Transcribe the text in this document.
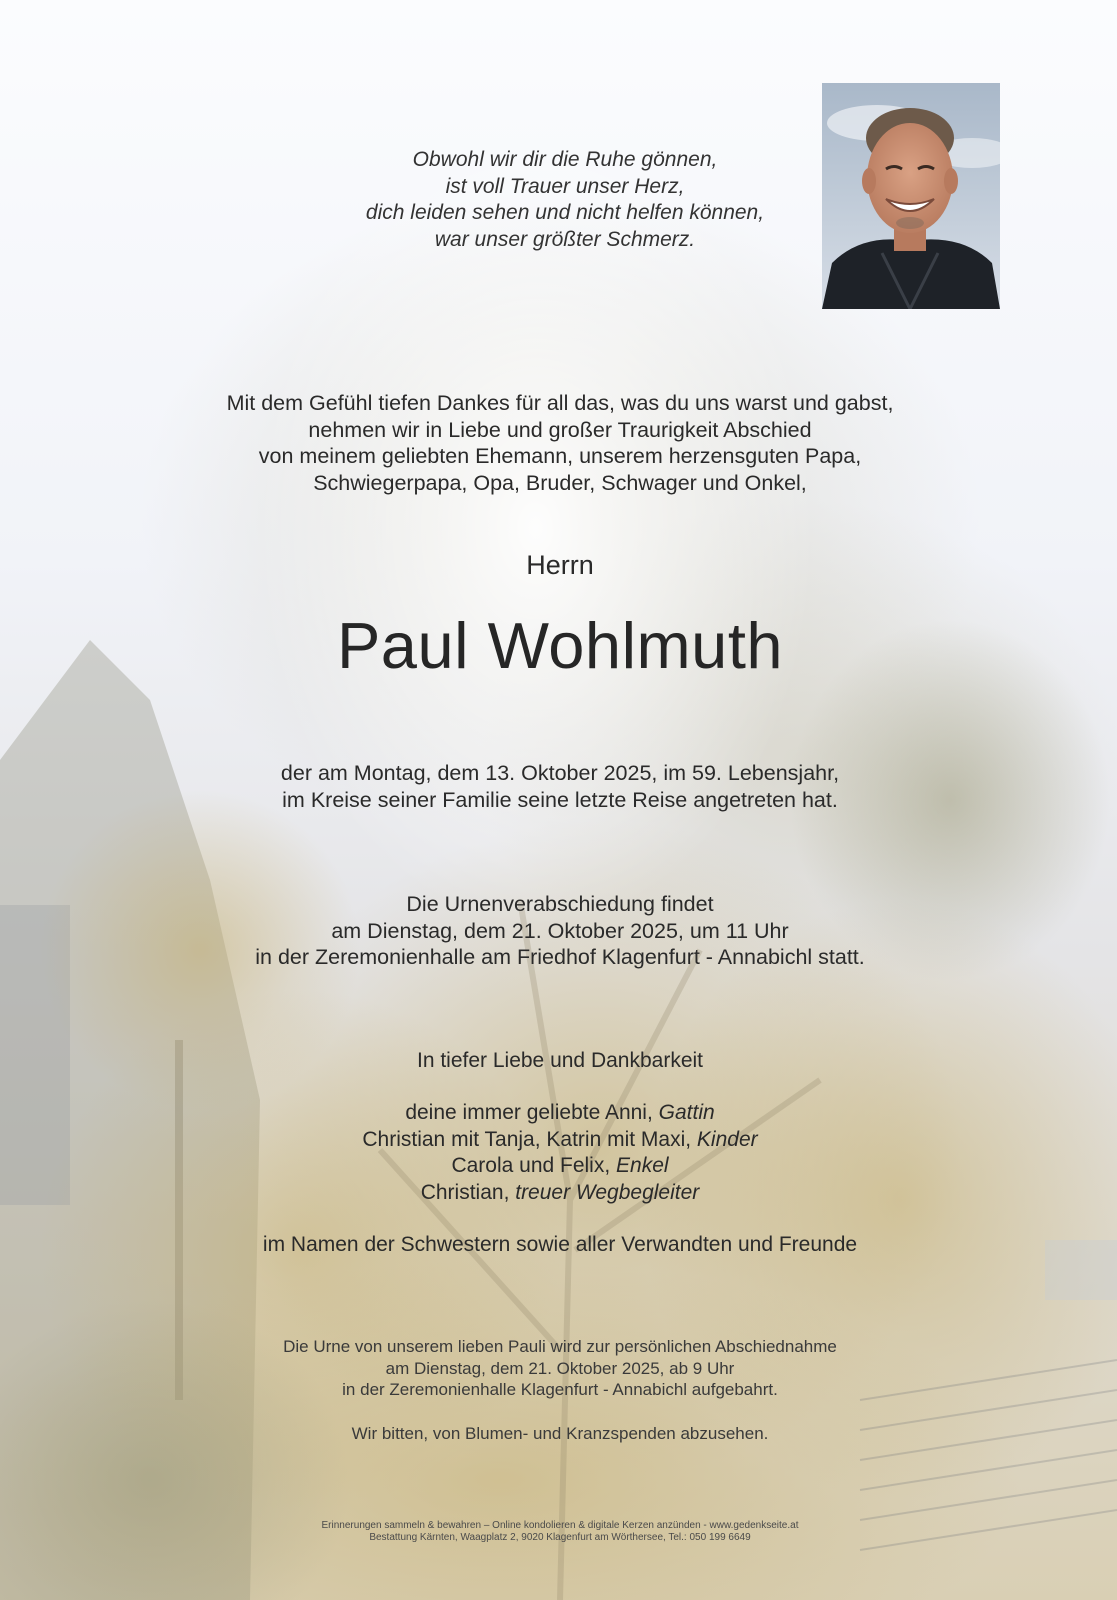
Obwohl wir dir die Ruhe gönnen,
ist voll Trauer unser Herz,
dich leiden sehen und nicht helfen können,
war unser größter Schmerz.
Mit dem Gefühl tiefen Dankes für all das, was du uns warst und gabst,
nehmen wir in Liebe und großer Traurigkeit Abschied
von meinem geliebten Ehemann, unserem herzensguten Papa,
Schwiegerpapa, Opa, Bruder, Schwager und Onkel,
Herrn
Paul Wohlmuth
der am Montag, dem 13. Oktober 2025, im 59. Lebensjahr,
im Kreise seiner Familie seine letzte Reise angetreten hat.
Die Urnenverabschiedung findet
am Dienstag, dem 21. Oktober 2025, um 11 Uhr
in der Zeremonienhalle am Friedhof Klagenfurt - Annabichl statt.
In tiefer Liebe und Dankbarkeit
deine immer geliebte Anni, Gattin
Christian mit Tanja, Katrin mit Maxi, Kinder
Carola und Felix, Enkel
Christian, treuer Wegbegleiter
im Namen der Schwestern sowie aller Verwandten und Freunde
Die Urne von unserem lieben Pauli wird zur persönlichen Abschiednahme
am Dienstag, dem 21. Oktober 2025, ab 9 Uhr
in der Zeremonienhalle Klagenfurt - Annabichl aufgebahrt.
Wir bitten, von Blumen- und Kranzspenden abzusehen.
Erinnerungen sammeln & bewahren – Online kondolieren & digitale Kerzen anzünden - www.gedenkseite.at
Bestattung Kärnten, Waagplatz 2, 9020 Klagenfurt am Wörthersee, Tel.: 050 199 6649
